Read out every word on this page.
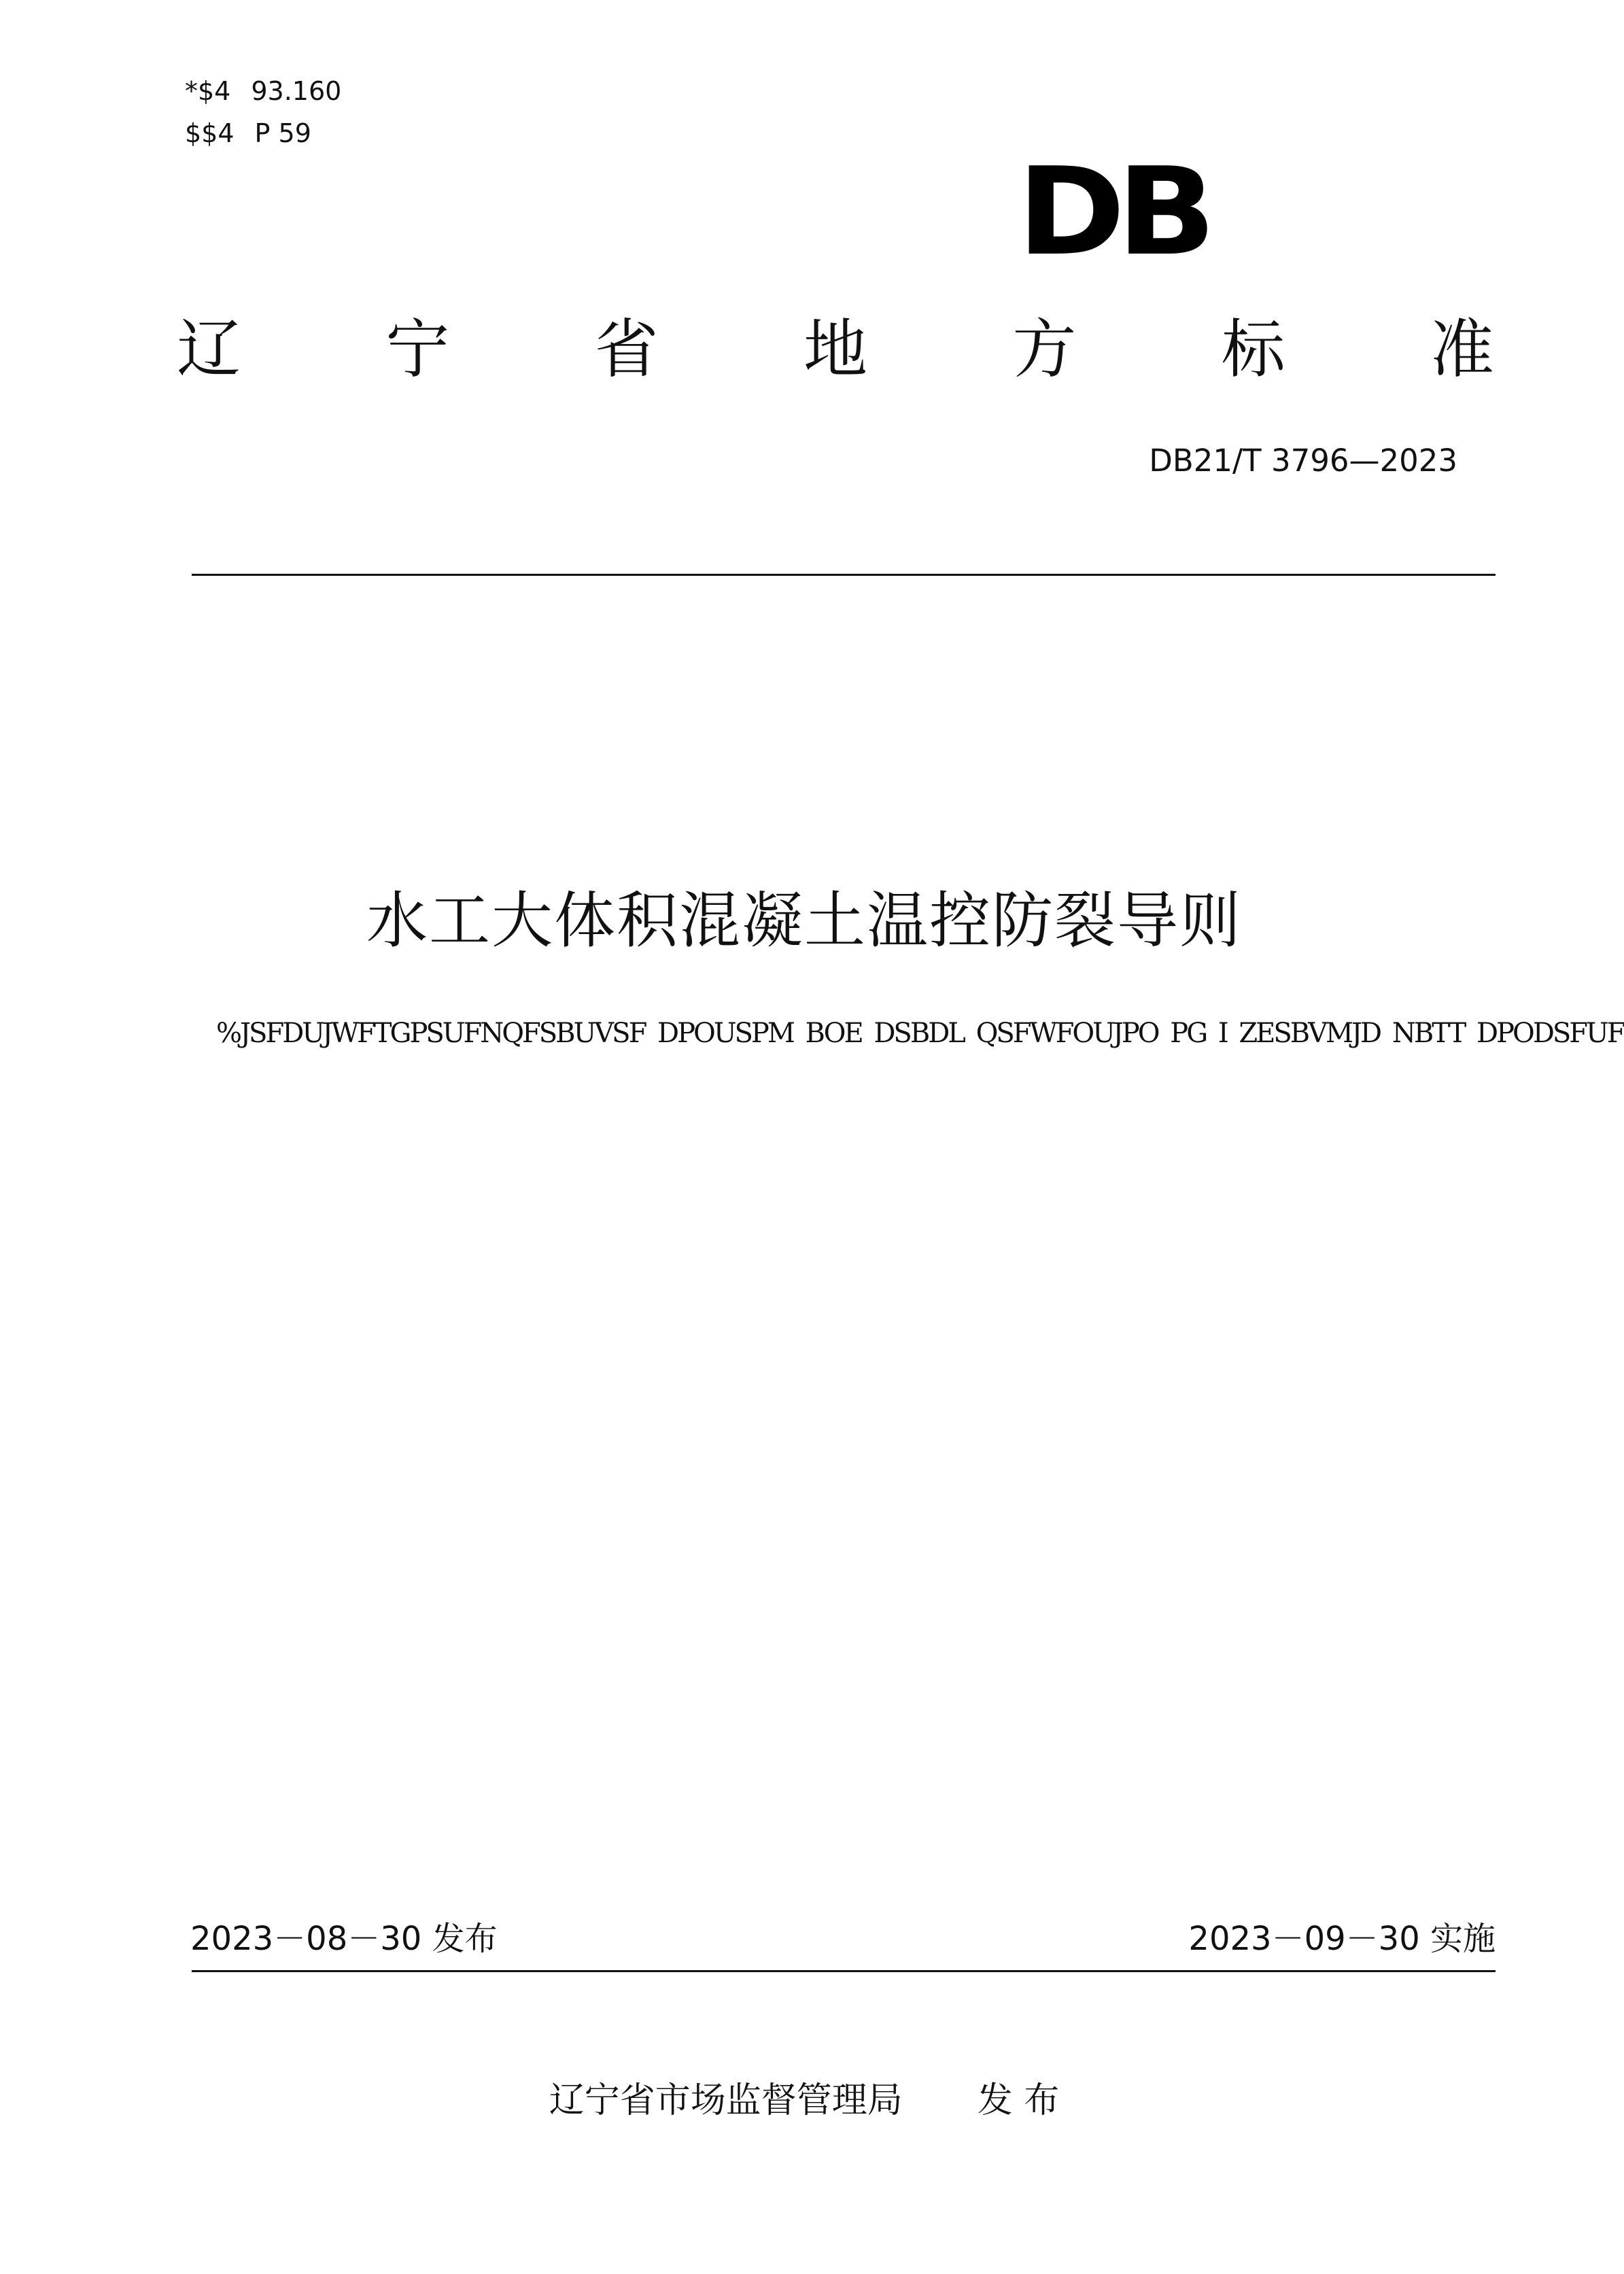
*$4 93.160
$$4 P 59
DB
辽 宁 省 地 方 标 准
DB21/T 3796—2023
水工大体积混凝土温控防裂导则
%JSFDUJWFTGPSUFNQFSBUVSF DPOUSPM BOE DSBDL QSFWFOUJPO PG I ZESBVMJD NBTT DPODSFUF
2023－08－30 发布	2023－09－30 实施
辽宁省市场监督管理局 发 布
